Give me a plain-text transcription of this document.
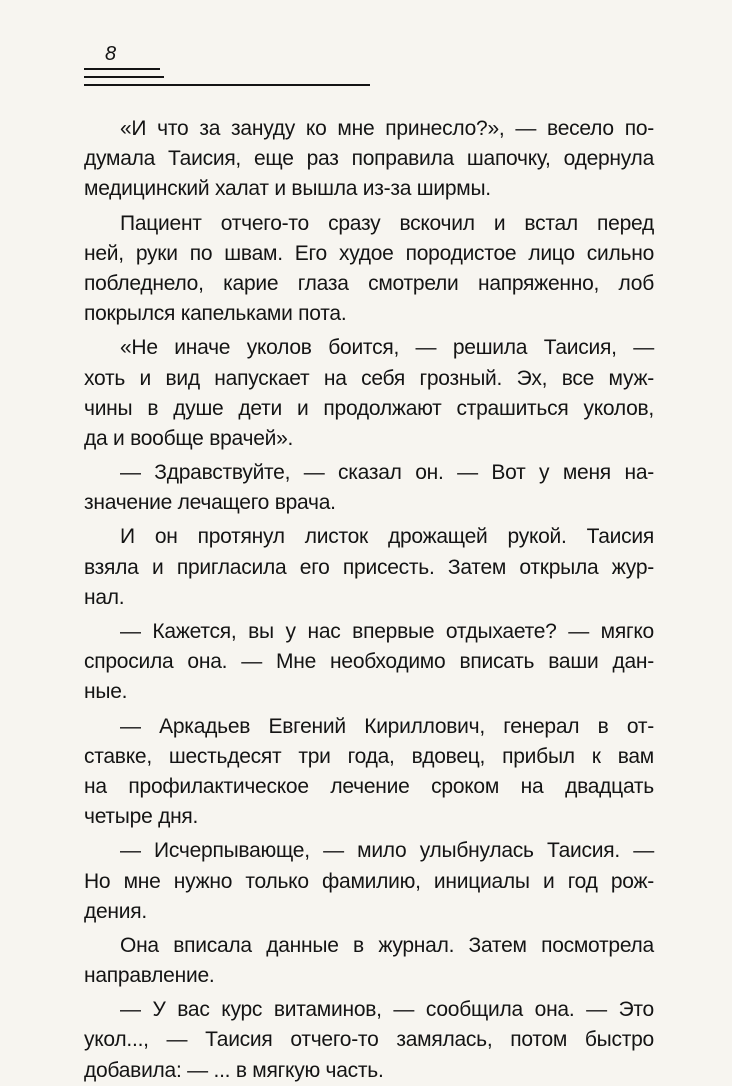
8
«И что за зануду ко мне принесло?», — весело по-
думала Таисия, еще раз поправила шапочку, одернула
медицинский халат и вышла из-за ширмы.
Пациент отчего-то сразу вскочил и встал перед
ней, руки по швам. Его худое породистое лицо сильно
побледнело, карие глаза смотрели напряженно, лоб
покрылся капельками пота.
«Не иначе уколов боится, — решила Таисия, —
хоть и вид напускает на себя грозный. Эх, все муж-
чины в душе дети и продолжают страшиться уколов,
да и вообще врачей».
— Здравствуйте, — сказал он. — Вот у меня на-
значение лечащего врача.
И он протянул листок дрожащей рукой. Таисия
взяла и пригласила его присесть. Затем открыла жур-
нал.
— Кажется, вы у нас впервые отдыхаете? — мягко
спросила она. — Мне необходимо вписать ваши дан-
ные.
— Аркадьев Евгений Кириллович, генерал в от-
ставке, шестьдесят три года, вдовец, прибыл к вам
на профилактическое лечение сроком на двадцать
четыре дня.
— Исчерпывающе, — мило улыбнулась Таисия. —
Но мне нужно только фамилию, инициалы и год рож-
дения.
Она вписала данные в журнал. Затем посмотрела
направление.
— У вас курс витаминов, — сообщила она. — Это
укол..., — Таисия отчего-то замялась, потом быстро
добавила: — ... в мягкую часть.
